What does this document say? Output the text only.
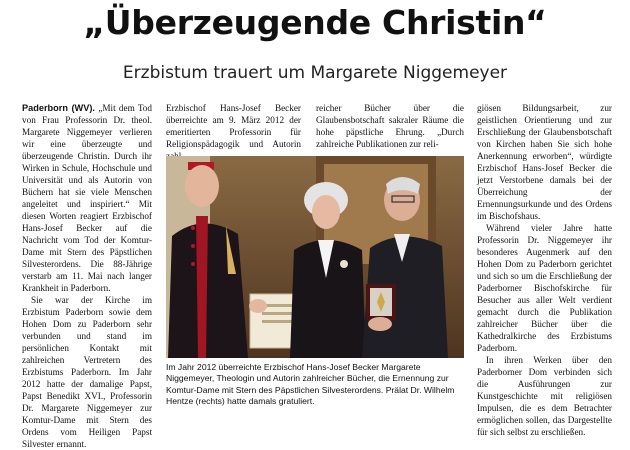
„Überzeugende Christin“
Erzbistum trauert um Margarete Niggemeyer

Paderborn (WV). „Mit dem Tod von Frau Professorin Dr. theol. Margarete Niggemeyer verlieren wir eine überzeugte und überzeugende Christin. Durch ihr Wirken in Schule, Hochschule und Universität und als Autorin von Büchern hat sie viele Menschen angeleitet und inspiriert.“ Mit diesen Worten reagiert Erzbischof Hans-Josef Becker auf die Nachricht vom Tod der Komtur-Dame mit Stern des Päpstlichen Silvesterordens. Die 88-Jährige verstarb am 11. Mai nach langer Krankheit in Paderborn.

Sie war der Kirche im Erzbistum Paderborn sowie dem Hohen Dom zu Paderborn sehr verbunden und stand im persönlichen Kontakt mit zahlreichen Vertretern des Erzbistums Paderborn. Im Jahr 2012 hatte der damalige Papst, Papst Benedikt XVI., Professorin Dr. Margarete Niggemeyer zur Komtur-Dame mit Stern des Ordens vom Heiligen Papst Silvester ernannt.

Erzbischof Hans-Josef Becker überreichte am 9. März 2012 der emeritierten Professorin für Religionspädagogik und Autorin

reicher Bücher über die Glaubensbotschaft sakraler Räume die hohe päpstliche Ehrung. „Durch zahlreiche Publikationen zur reli-

giösen Bildungsarbeit, zur geistlichen Orientierung und zur Erschließung der Glaubensbotschaft von Kirchen haben Sie sich hohe Anerkennung erworben“, würdigte Erzbischof Hans-Josef Becker die jetzt Verstorbene damals bei der Überreichung der Ernennungsurkunde und des Ordens im Bischofshaus.

Während vieler Jahre hatte Professorin Dr. Niggemeyer ihr besonderes Augenmerk auf den Hohen Dom zu Paderborn gerichtet und sich so um die Erschließung der Paderborner Bischofskirche für Besucher aus aller Welt verdient gemacht durch die Publikation zahlreicher Bücher über die Kathedralkirche des Erzbistums Paderborn.

In ihren Werken über den Paderborner Dom verbinden sich die Ausführungen zur Kunstgeschichte mit religiösen Impulsen, die es dem Betrachter ermöglichen sollen, das Dargestellte für sich selbst zu erschließen.

Im Jahr 2012 überreichte Erzbischof Hans-Josef Becker Margarete Niggemeyer, Theologin und Autorin zahlreicher Bücher, die Ernennung zur Komtur-Dame mit Stern des Päpstlichen Silvesterordens. Prälat Dr. Wilhelm Hentze (rechts) hatte damals gratuliert.
